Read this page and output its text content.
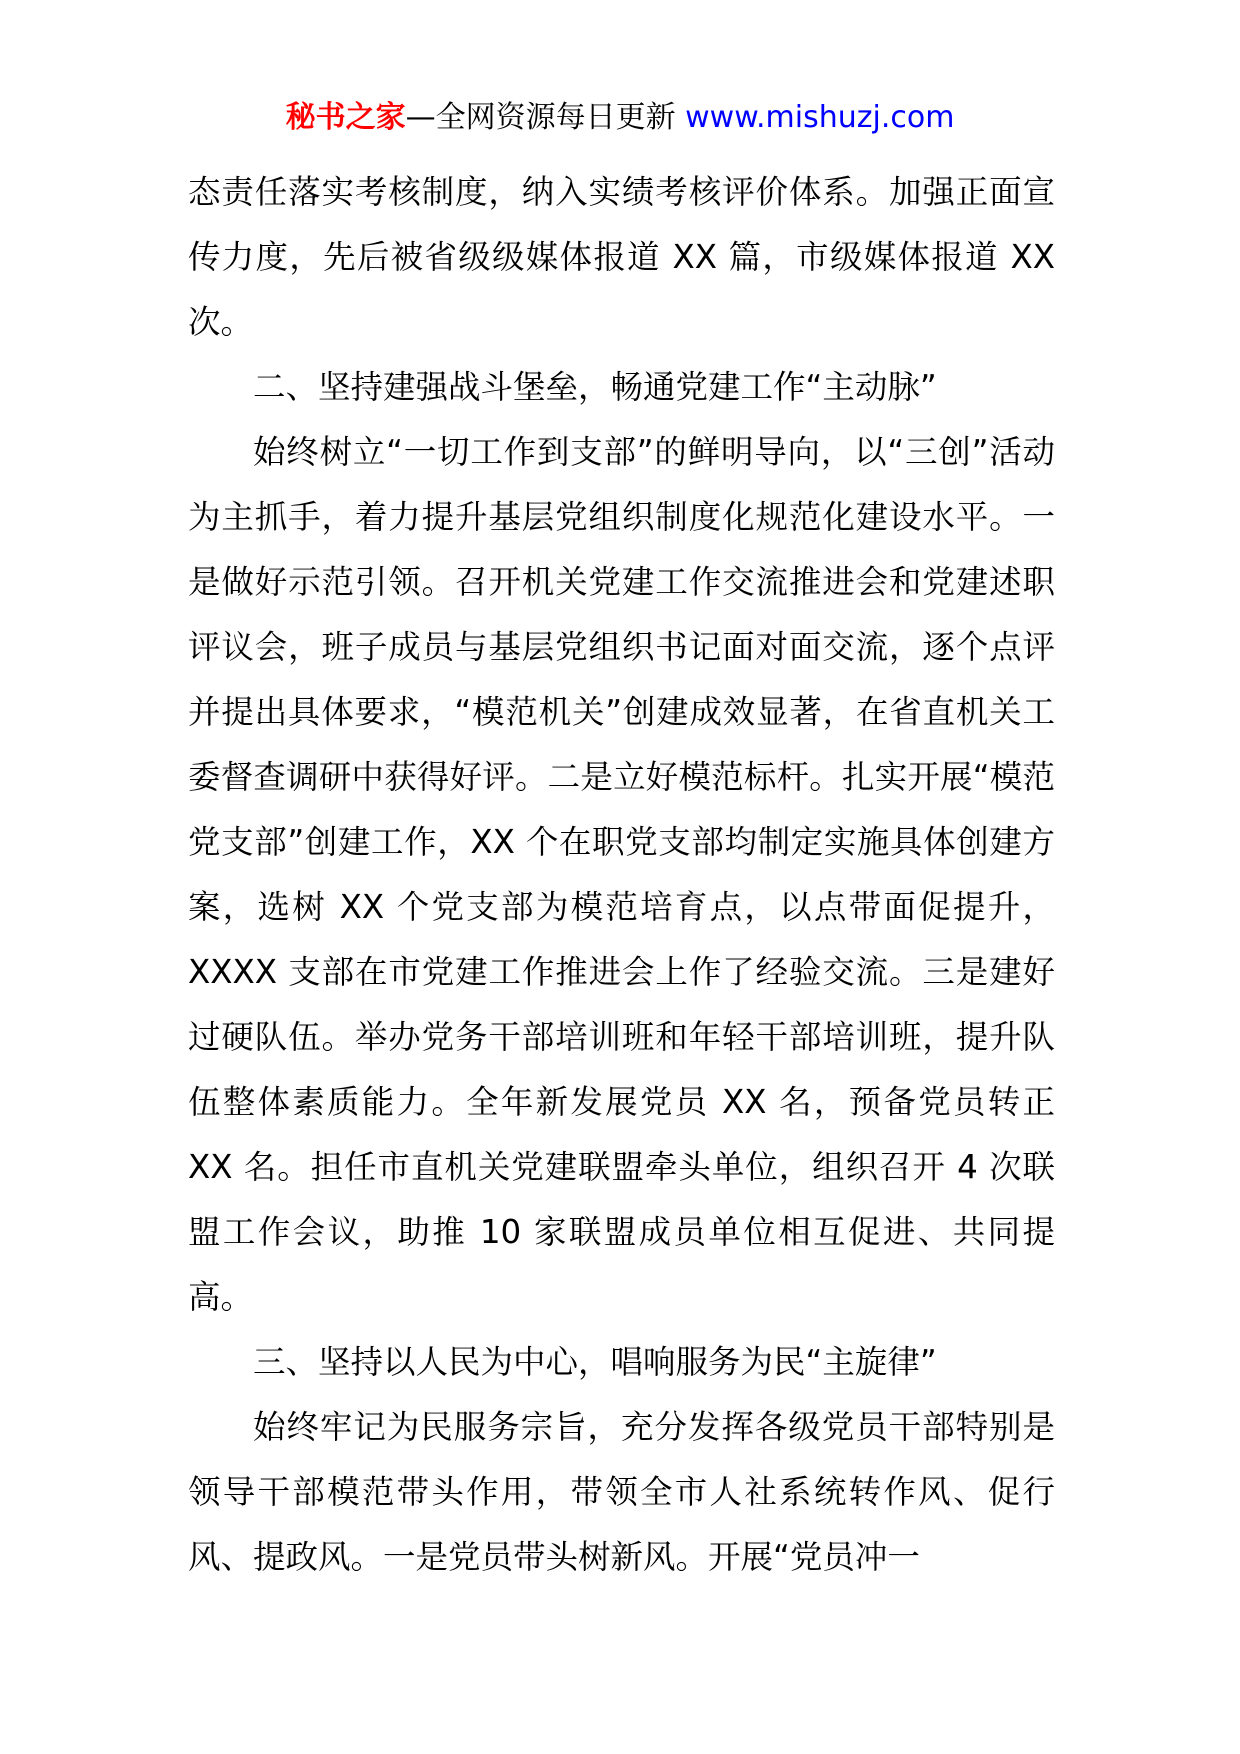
秘书之家—全网资源每日更新 www.mishuzj.com

态责任落实考核制度，纳入实绩考核评价体系。加强正面宣传力度，先后被省级级媒体报道 XX 篇，市级媒体报道 XX 次。

二、坚持建强战斗堡垒，畅通党建工作“主动脉”

始终树立“一切工作到支部”的鲜明导向，以“三创”活动为主抓手，着力提升基层党组织制度化规范化建设水平。一是做好示范引领。召开机关党建工作交流推进会和党建述职评议会，班子成员与基层党组织书记面对面交流，逐个点评并提出具体要求，“模范机关”创建成效显著，在省直机关工委督查调研中获得好评。二是立好模范标杆。扎实开展“模范党支部”创建工作，XX 个在职党支部均制定实施具体创建方案，选树 XX 个党支部为模范培育点，以点带面促提升，XXXX 支部在市党建工作推进会上作了经验交流。三是建好过硬队伍。举办党务干部培训班和年轻干部培训班，提升队伍整体素质能力。全年新发展党员 XX 名，预备党员转正 XX 名。担任市直机关党建联盟牵头单位，组织召开 4 次联盟工作会议，助推 10 家联盟成员单位相互促进、共同提高。

三、坚持以人民为中心，唱响服务为民“主旋律”

始终牢记为民服务宗旨，充分发挥各级党员干部特别是领导干部模范带头作用，带领全市人社系统转作风、促行风、提政风。一是党员带头树新风。开展“党员冲一
